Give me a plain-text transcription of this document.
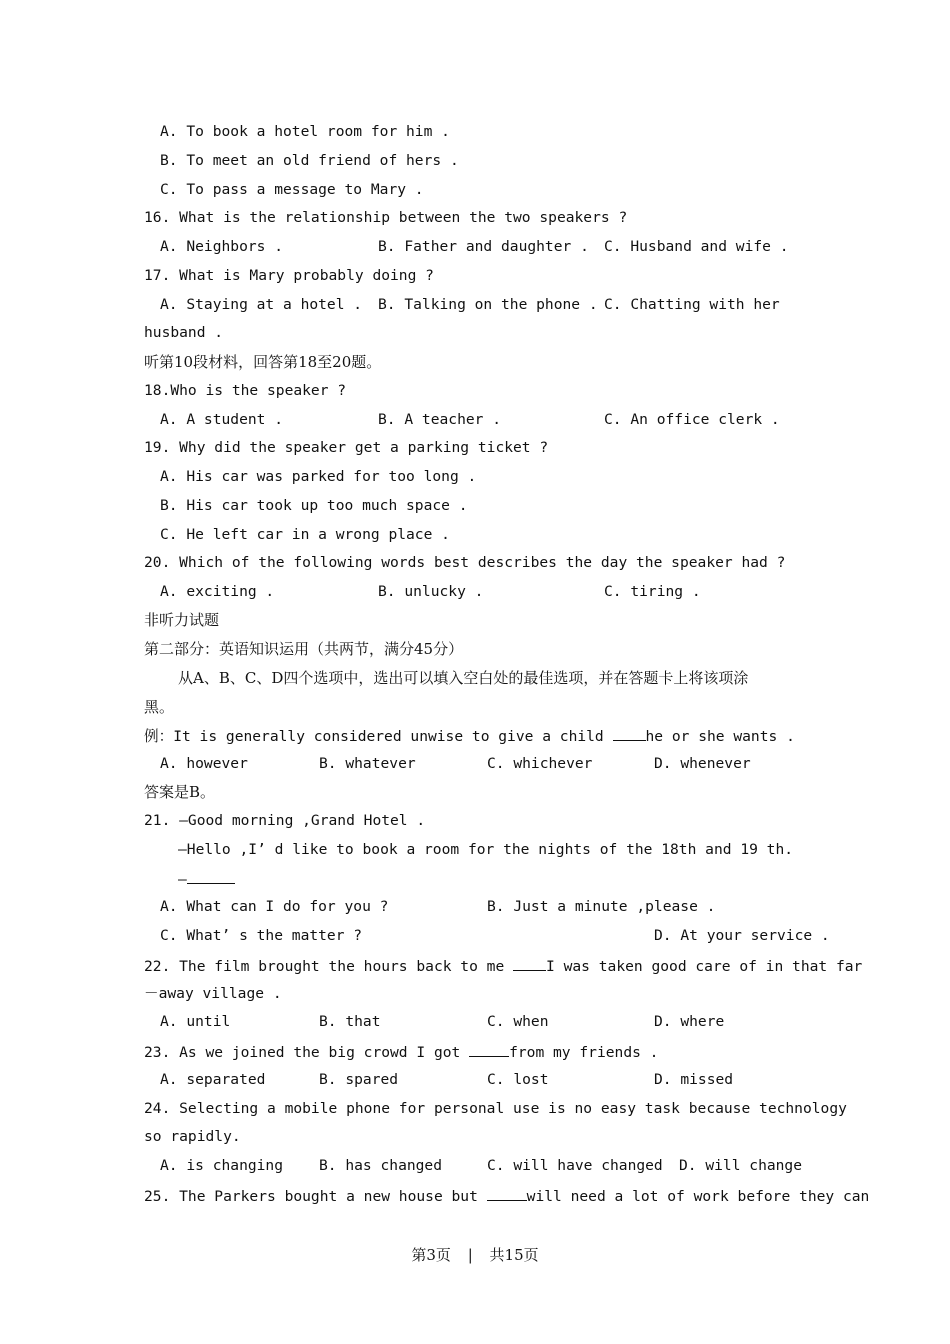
A. To book a hotel room for him .
B. To meet an old friend of hers .
C. To pass a message to Mary .
16. What is the relationship between the two speakers ?
A. Neighbors .	B. Father and daughter . C. Husband and wife .
17. What is Mary probably doing ?
A. Staying at a hotel . B. Talking on the phone . C. Chatting with her
husband .
听第10段材料，回答第18至20题。
18.Who is the speaker ?
A. A student .	B. A teacher .	C. An office clerk .
19. Why did the speaker get a parking ticket ?
A. His car was parked for too long .
B. His car took up too much space .
C. He left car in a wrong place .
20. Which of the following words best describes the day the speaker had ?
A. exciting .	B. unlucky .	C. tiring .
非听力试题
第二部分：英语知识运用（共两节，满分45分）
从A、B、C、D四个选项中，选出可以填入空白处的最佳选项，并在答题卡上将该项涂
黑。
例：It is generally considered unwise to give a child he or she wants .
A. however	B. whatever	C. whichever	D. whenever
答案是B。
21. —Good morning ,Grand Hotel .
—Hello ,I’ d like to book a room for the nights of the 18th and 19 th.
—
A. What can I do for you ?	B. Just a minute ,please .
C. What’ s the matter ?	D. At your service .
22. The film brought the hours back to me I was taken good care of in that far
－away village .
A. until	B. that	C. when	D. where
23. As we joined the big crowd I got	from my friends .
A. separated	B. spared	C. lost	D. missed
24. Selecting a mobile phone for personal use is no easy task because technology
so rapidly.
A. is changing B. has changed	C. will have changed D. will change
25. The Parkers bought a new house but	will need a lot of work before they can
第3页 | 共15页
